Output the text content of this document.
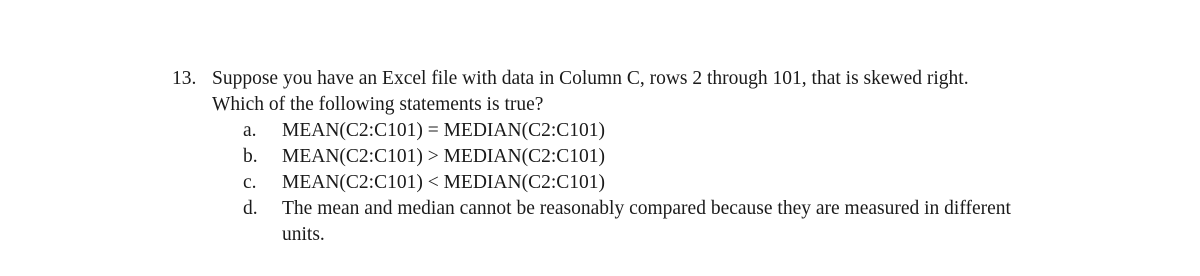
13. Suppose you have an Excel file with data in Column C, rows 2 through 101, that is skewed right.
Which of the following statements is true?
a.	MEAN(C2:C101) = MEDIAN(C2:C101)
b.	MEAN(C2:C101) > MEDIAN(C2:C101)
c.	MEAN(C2:C101) < MEDIAN(C2:C101)
d.	The mean and median cannot be reasonably compared because they are measured in different units.
